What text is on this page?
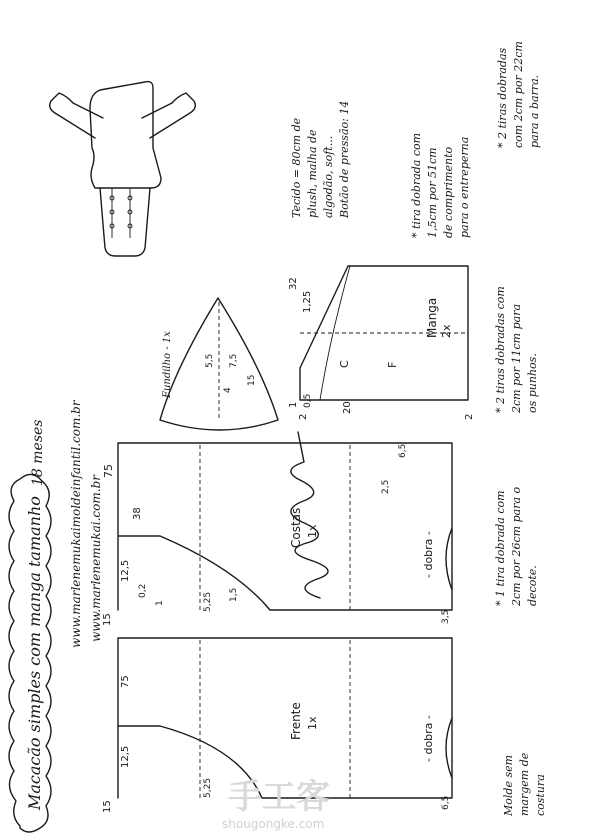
Macacão simples com manga tamanho
18 meses www.marlenemukaimoldeinfantil.com.br www.marlenemukai.com.br
Tecido = 80cm de plush, malha de algodão, soft... Botão de pressão: 14	* tira dobrada com 1,5cm por 51cm de comprimento para o entreperna
* 2 tiras dobradas com 2cm por 22cm para a barra.
* 2 tiras dobradas com 2cm por 11cm para os punhos.
* 1 tira dobrada com 2cm por 26cm para o decote.
Molde sem margem de costura
5,5 7,5
4
15
Fundilho - 1x	C	F
Manga 2x
32
1,25
20
2	2
1 0,5
Costas 1x	- dobra -
75
38
12,5
15
0,2
1	5,25
6,5
2,5
1,5
3,5
Frente 1x	- dobra -
15
12,5
5,25
6,5
75
手工客
shougongke.com
